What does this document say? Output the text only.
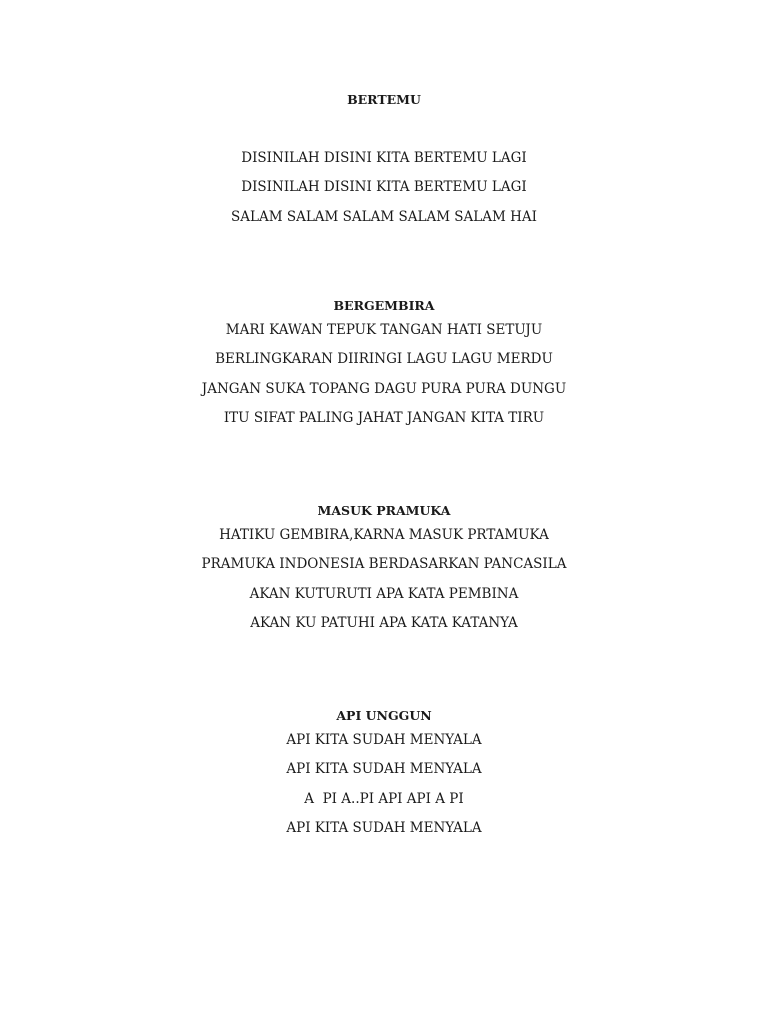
BERTEMU

DISINILAH DISINI KITA BERTEMU LAGI

DISINILAH DISINI KITA BERTEMU LAGI

SALAM SALAM SALAM SALAM SALAM HAI

BERGEMBIRA

MARI KAWAN TEPUK TANGAN HATI SETUJU

BERLINGKARAN DIIRINGI LAGU LAGU MERDU

JANGAN SUKA TOPANG DAGU PURA PURA DUNGU

ITU SIFAT PALING JAHAT JANGAN KITA TIRU

MASUK PRAMUKA

HATIKU GEMBIRA,KARNA MASUK PRTAMUKA

PRAMUKA INDONESIA BERDASARKAN PANCASILA

AKAN KUTURUTI APA KATA PEMBINA

AKAN KU PATUHI APA KATA KATANYA

API UNGGUN

API KITA SUDAH MENYALA

API KITA SUDAH MENYALA

A  PI A..PI API API A PI

API KITA SUDAH MENYALA
